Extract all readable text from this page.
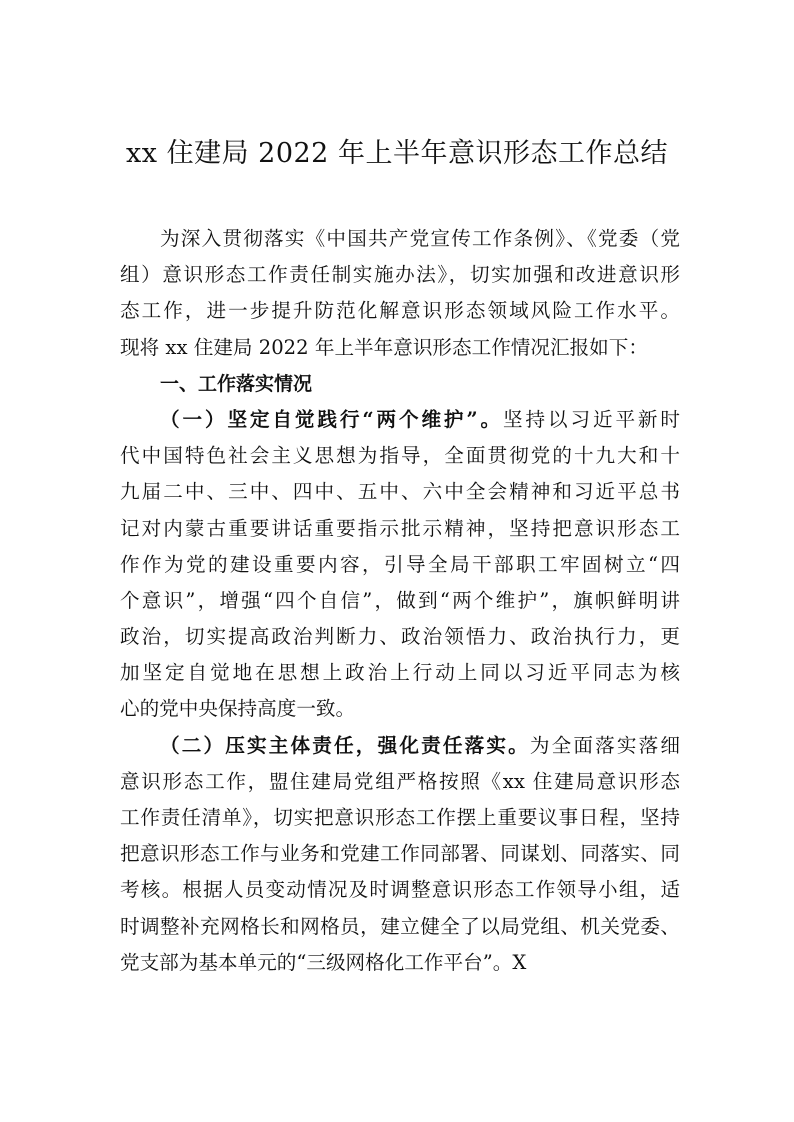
xx 住建局 2022 年上半年意识形态工作总结
为深入贯彻落实《中国共产党宣传工作条例》、《党委（党
组）意识形态工作责任制实施办法》，切实加强和改进意识形
态工作，进一步提升防范化解意识形态领域风险工作水平。
现将 xx 住建局 2022 年上半年意识形态工作情况汇报如下：
一、工作落实情况
（一）坚定自觉践行“两个维护”。坚持以习近平新时
代中国特色社会主义思想为指导，全面贯彻党的十九大和十
九届二中、三中、四中、五中、六中全会精神和习近平总书
记对内蒙古重要讲话重要指示批示精神，坚持把意识形态工
作作为党的建设重要内容，引导全局干部职工牢固树立“四
个意识”，增强“四个自信”，做到“两个维护”，旗帜鲜明讲
政治，切实提高政治判断力、政治领悟力、政治执行力，更
加坚定自觉地在思想上政治上行动上同以习近平同志为核
心的党中央保持高度一致。
（二）压实主体责任，强化责任落实。为全面落实落细
意识形态工作，盟住建局党组严格按照《xx 住建局意识形态
工作责任清单》，切实把意识形态工作摆上重要议事日程，坚持
把意识形态工作与业务和党建工作同部署、同谋划、同落实、同
考核。根据人员变动情况及时调整意识形态工作领导小组，适
时调整补充网格长和网格员，建立健全了以局党组、机关党委、
党支部为基本单元的“三级网格化工作平台”。X
